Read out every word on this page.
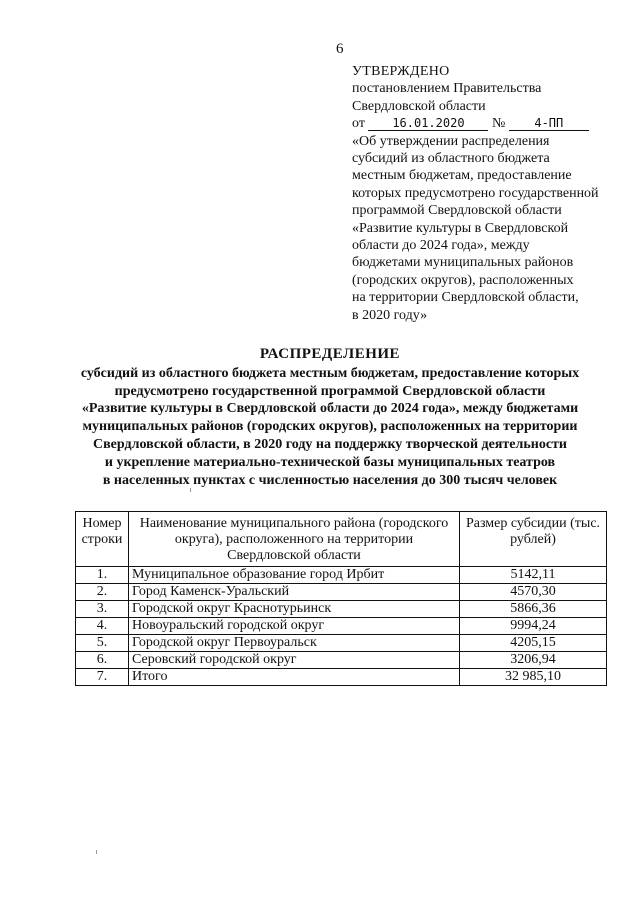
6
УТВЕРЖДЕНО
постановлением Правительства
Свердловской области
от 16.01.2020 № 4-ПП
«Об утверждении распределения
субсидий из областного бюджета
местным бюджетам, предоставление
которых предусмотрено государственной
программой Свердловской области
«Развитие культуры в Свердловской
области до 2024 года», между
бюджетами муниципальных районов
(городских округов), расположенных
на территории Свердловской области,
в 2020 году»
РАСПРЕДЕЛЕНИЕ
субсидий из областного бюджета местным бюджетам, предоставление которых
предусмотрено государственной программой Свердловской области
«Развитие культуры в Свердловской области до 2024 года», между бюджетами
муниципальных районов (городских округов), расположенных на территории
Свердловской области, в 2020 году на поддержку творческой деятельности
и укрепление материально-технической базы муниципальных театров
в населенных пунктах с численностью населения до 300 тысяч человек
Номер строки	Наименование муниципального района (городского округа), расположенного на территории Свердловской области	Размер субсидии (тыс. рублей)
1.	Муниципальное образование город Ирбит	5142,11
2.	Город Каменск-Уральский	4570,30
3.	Городской округ Краснотурьинск	5866,36
4.	Новоуральский городской округ	9994,24
5.	Городской округ Первоуральск	4205,15
6.	Серовский городской округ	3206,94
7.	Итого	32 985,10
